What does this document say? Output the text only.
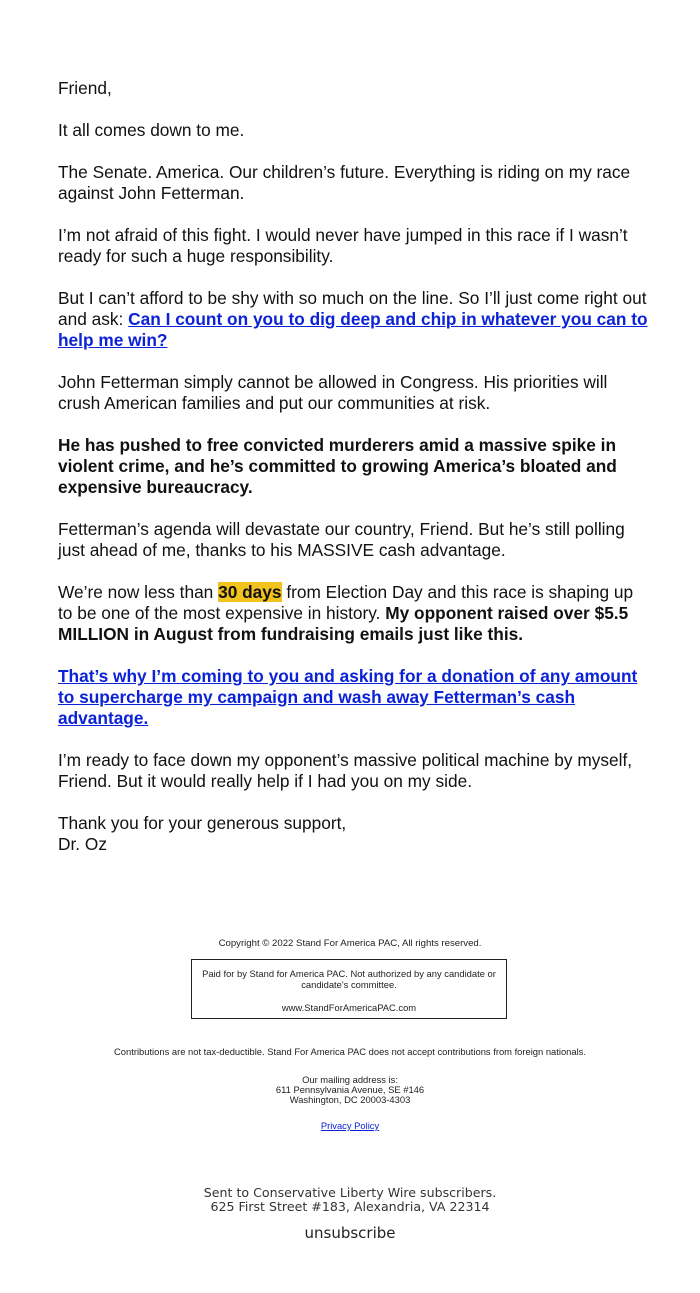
Friend,

It all comes down to me.

The Senate. America. Our children’s future. Everything is riding on my race against John Fetterman.

I’m not afraid of this fight. I would never have jumped in this race if I wasn’t ready for such a huge responsibility.

But I can’t afford to be shy with so much on the line. So I’ll just come right out and ask: Can I count on you to dig deep and chip in whatever you can to help me win?

John Fetterman simply cannot be allowed in Congress. His priorities will crush American families and put our communities at risk.

He has pushed to free convicted murderers amid a massive spike in violent crime, and he’s committed to growing America’s bloated and expensive bureaucracy.

Fetterman’s agenda will devastate our country, Friend. But he’s still polling just ahead of me, thanks to his MASSIVE cash advantage.

We’re now less than 30 days from Election Day and this race is shaping up to be one of the most expensive in history. My opponent raised over $5.5 MILLION in August from fundraising emails just like this.

That’s why I’m coming to you and asking for a donation of any amount to supercharge my campaign and wash away Fetterman’s cash advantage.

I’m ready to face down my opponent’s massive political machine by myself, Friend. But it would really help if I had you on my side.

Thank you for your generous support,
Dr. Oz

Copyright © 2022 Stand For America PAC, All rights reserved.
Paid for by Stand for America PAC. Not authorized by any candidate or candidate's committee.
www.StandForAmericaPAC.com
Contributions are not tax-deductible. Stand For America PAC does not accept contributions from foreign nationals.
Our mailing address is:
611 Pennsylvania Avenue, SE #146
Washington, DC 20003-4303
Privacy Policy
Sent to Conservative Liberty Wire subscribers.
625 First Street #183, Alexandria, VA 22314
unsubscribe
